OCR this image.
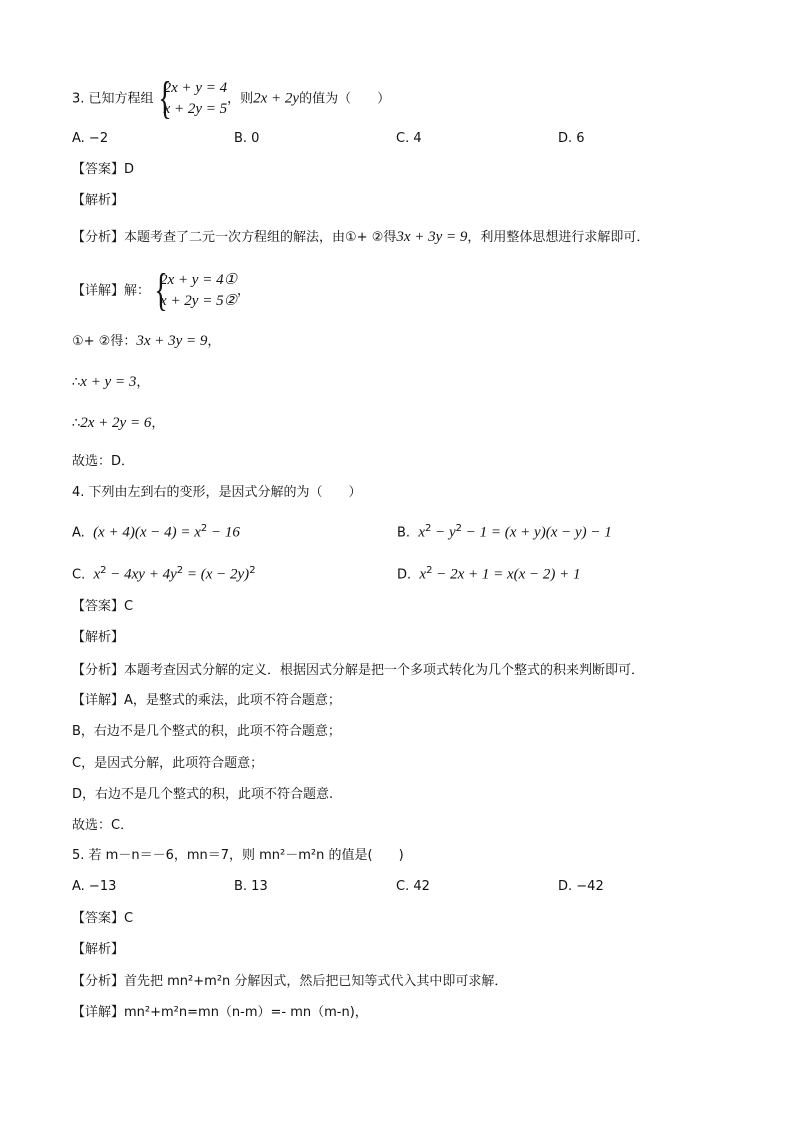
3. 已知方程组 {
2x + y = 4
x + 2y = 5
，则2x + 2y的值为（　　）
A. −2	B. 0	C. 4	D. 6
【答案】D
【解析】
【分析】本题考查了二元一次方程组的解法，由①+ ②得3x + 3y = 9，利用整体思想进行求解即可．
【详解】解： {
2x + y = 4①
x + 2y = 5②
，
①+ ②得：3x + 3y = 9，
∴x + y = 3，
∴2x + 2y = 6，
故选：D．
4. 下列由左到右的变形，是因式分解的为（　　）
A. $(x + 4)(x - 4) = x^2 - 16$	B. $x^2 - y^2 - 1 = (x + y)(x - y) - 1$
C. $x^2 - 4xy + 4y^2 = (x - 2y)^2$	D. $x^2 - 2x + 1 = x(x - 2) + 1$
【答案】C
【解析】
【分析】本题考查因式分解的定义．根据因式分解是把一个多项式转化为几个整式的积来判断即可．
【详解】A，是整式的乘法，此项不符合题意；
B，右边不是几个整式的积，此项不符合题意；
C，是因式分解，此项符合题意；
D，右边不是几个整式的积，此项不符合题意.
故选：C．
5. 若 m－n＝－6，mn＝7，则 mn²－m²n 的值是(　　)
A. −13	B. 13	C. 42	D. −42
【答案】C
【解析】
【分析】首先把 mn²+m²n 分解因式，然后把已知等式代入其中即可求解．
【详解】mn²+m²n=mn（n-m）=- mn（m-n)，
